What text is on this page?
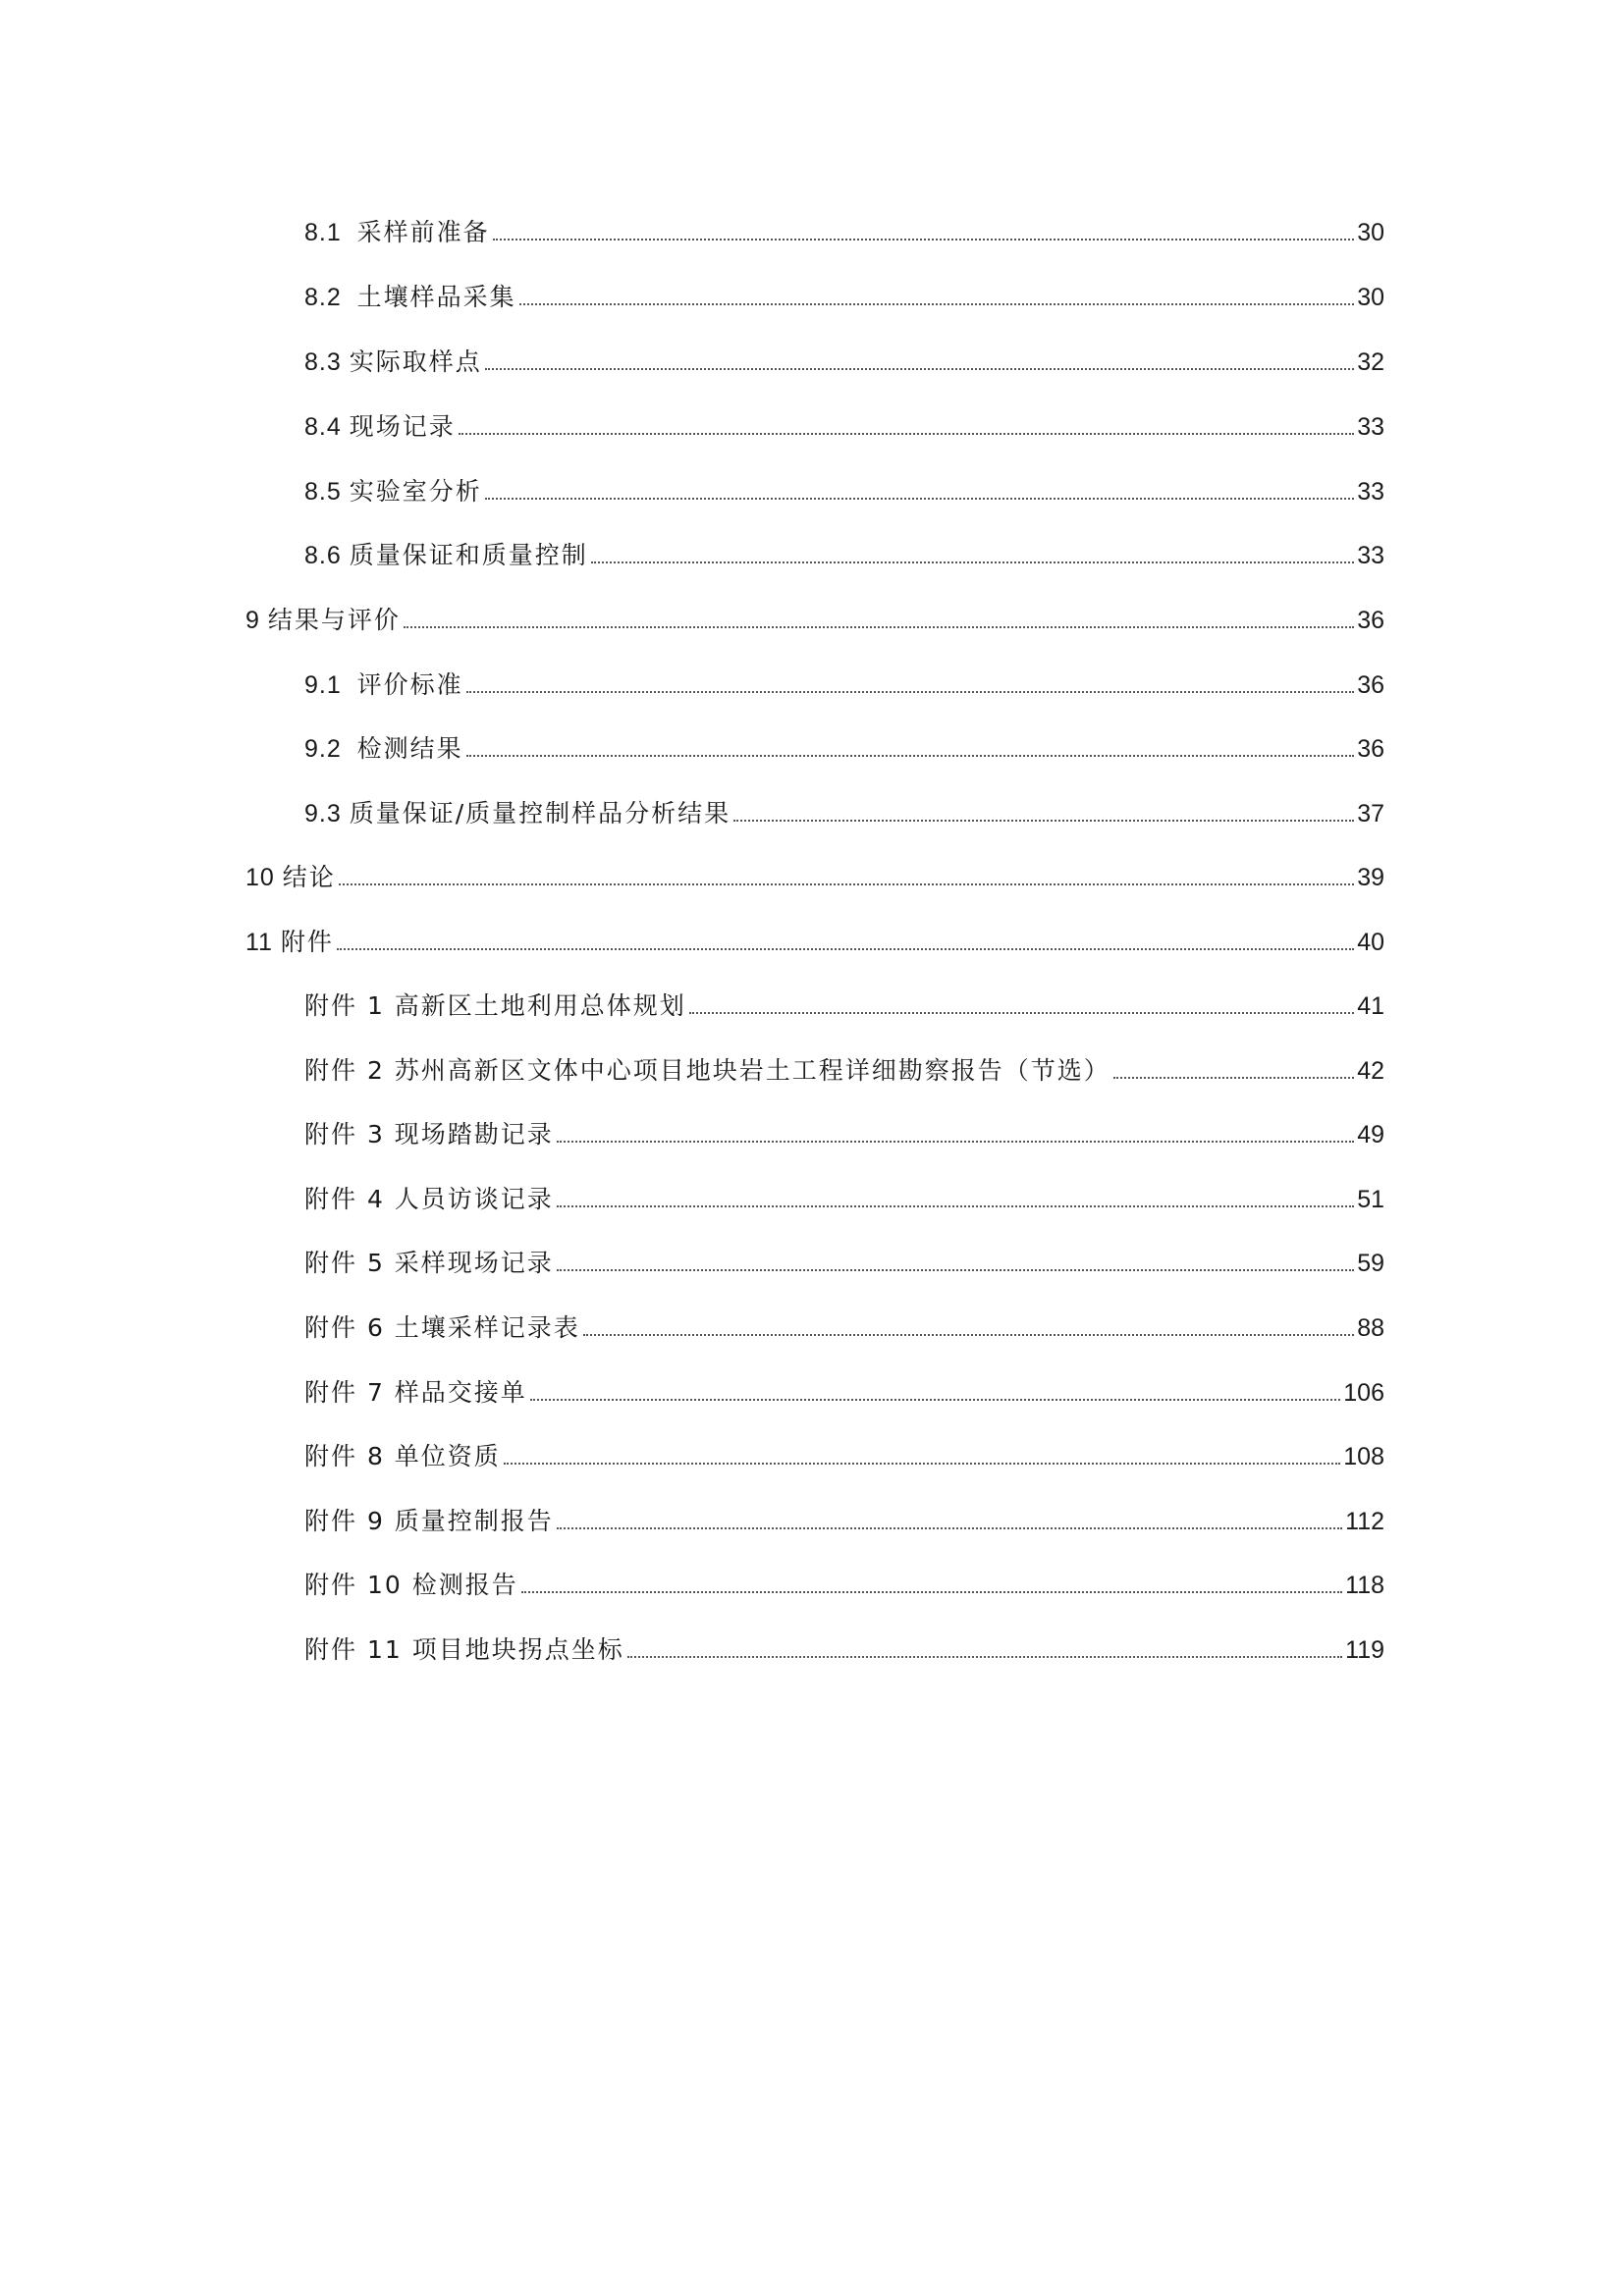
8.1 采样前准备	30
8.2 土壤样品采集	30
8.3 实际取样点	32
8.4 现场记录	33
8.5 实验室分析	33
8.6 质量保证和质量控制	33
9 结果与评价	36
9.1 评价标准	36
9.2 检测结果	36
9.3 质量保证/质量控制样品分析结果	37
10 结论	39
11 附件	40
附件 1 高新区土地利用总体规划	41
附件 2 苏州高新区文体中心项目地块岩土工程详细勘察报告（节选）	42
附件 3 现场踏勘记录	49
附件 4 人员访谈记录	51
附件 5 采样现场记录	59
附件 6 土壤采样记录表	88
附件 7 样品交接单	106
附件 8 单位资质	108
附件 9 质量控制报告	112
附件 10 检测报告	118
附件 11 项目地块拐点坐标	119
